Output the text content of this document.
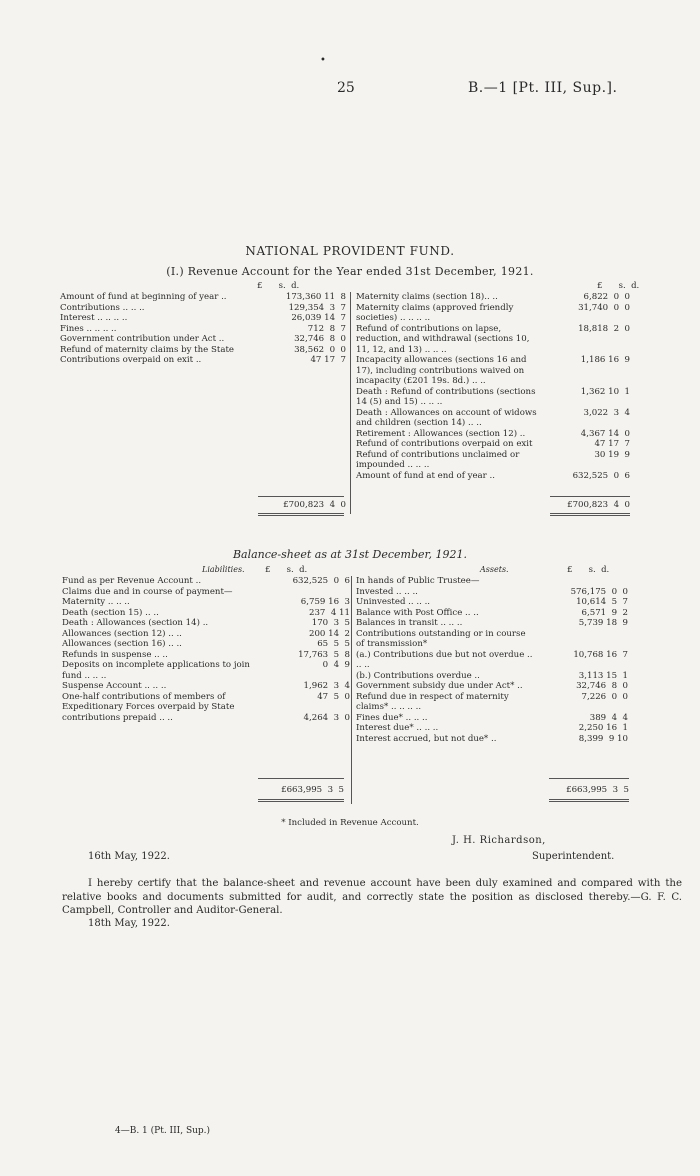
•
25	B.—1 [Pt. III, Sup.].
NATIONAL PROVIDENT FUND.
(I.) Revenue Account for the Year ended 31st December, 1921.
£      s.  d.	£      s.  d.
Amount of fund at beginning of year ..	173,360 11  8
Contributions .. .. ..	129,354  3  7
Interest .. .. .. ..	26,039 14  7
Fines .. .. .. ..	712  8  7
Government contribution under Act ..	32,746  8  0
Refund of maternity claims by the State	38,562  0  0
Contributions overpaid on exit ..	47 17  7
Maternity claims (section 18).. ..	6,822  0  0
Maternity claims (approved friendly societies) .. .. .. ..	31,740  0  0
Refund of contributions on lapse, reduction, and withdrawal (sections 10, 11, 12, and 13) .. .. ..	18,818  2  0
Incapacity allowances (sections 16 and 17), including contributions waived on incapacity (£201 19s. 8d.) .. ..	1,186 16  9
Death : Refund of contributions (sections 14 (5) and 15) .. .. ..	1,362 10  1
Death : Allowances on account of widows and children (section 14) .. ..	3,022  3  4
Retirement : Allowances (section 12) ..	4,367 14  0
Refund of contributions overpaid on exit	47 17  7
Refund of contributions unclaimed or impounded .. .. ..	30 19  9
Amount of fund at end of year ..	632,525  0  6
£700,823  4  0	£700,823  4  0
Balance-sheet as at 31st December, 1921.
Liabilities. £      s.  d.	Assets.	£      s.  d.
Fund as per Revenue Account ..	632,525  0  6
Claims due and in course of payment—	
Maternity .. .. ..	6,759 16  3
Death (section 15) .. ..	237  4 11
Death : Allowances (section 14) ..	170  3  5
Allowances (section 12) .. ..	200 14  2
Allowances (section 16) .. ..	65  5  5
Refunds in suspense .. ..	17,763  5  8
Deposits on incomplete applications to join fund .. .. ..	0  4  9
Suspense Account .. .. ..	1,962  3  4
One-half contributions of members of Expeditionary Forces overpaid by State	47  5  0
contributions prepaid .. ..	4,264  3  0
In hands of Public Trustee—	
Invested .. .. ..	576,175  0  0
Uninvested .. .. ..	10,614  5  7
Balance with Post Office .. ..	6,571  9  2
Balances in transit .. .. ..	5,739 18  9
Contributions outstanding or in course of transmission*	
(a.) Contributions due but not overdue .. .. ..	10,768 16  7
(b.) Contributions overdue ..	3,113 15  1
Government subsidy due under Act* ..	32,746  8  0
Refund due in respect of maternity claims* .. .. .. ..	7,226  0  0
Fines due* .. .. ..	389  4  4
Interest due* .. .. ..	2,250 16  1
Interest accrued, but not due* ..	8,399  9 10
£663,995  3  5	£663,995  3  5
* Included in Revenue Account.
J. H. Richardson,
Superintendent.
16th May, 1922.
I hereby certify that the balance-sheet and revenue account have been duly examined and compared with the relative books and documents submitted for audit, and correctly state the position as disclosed thereby.—G. F. C. Campbell, Controller and Auditor-General.
18th May, 1922.
4—B. 1 (Pt. III, Sup.)
